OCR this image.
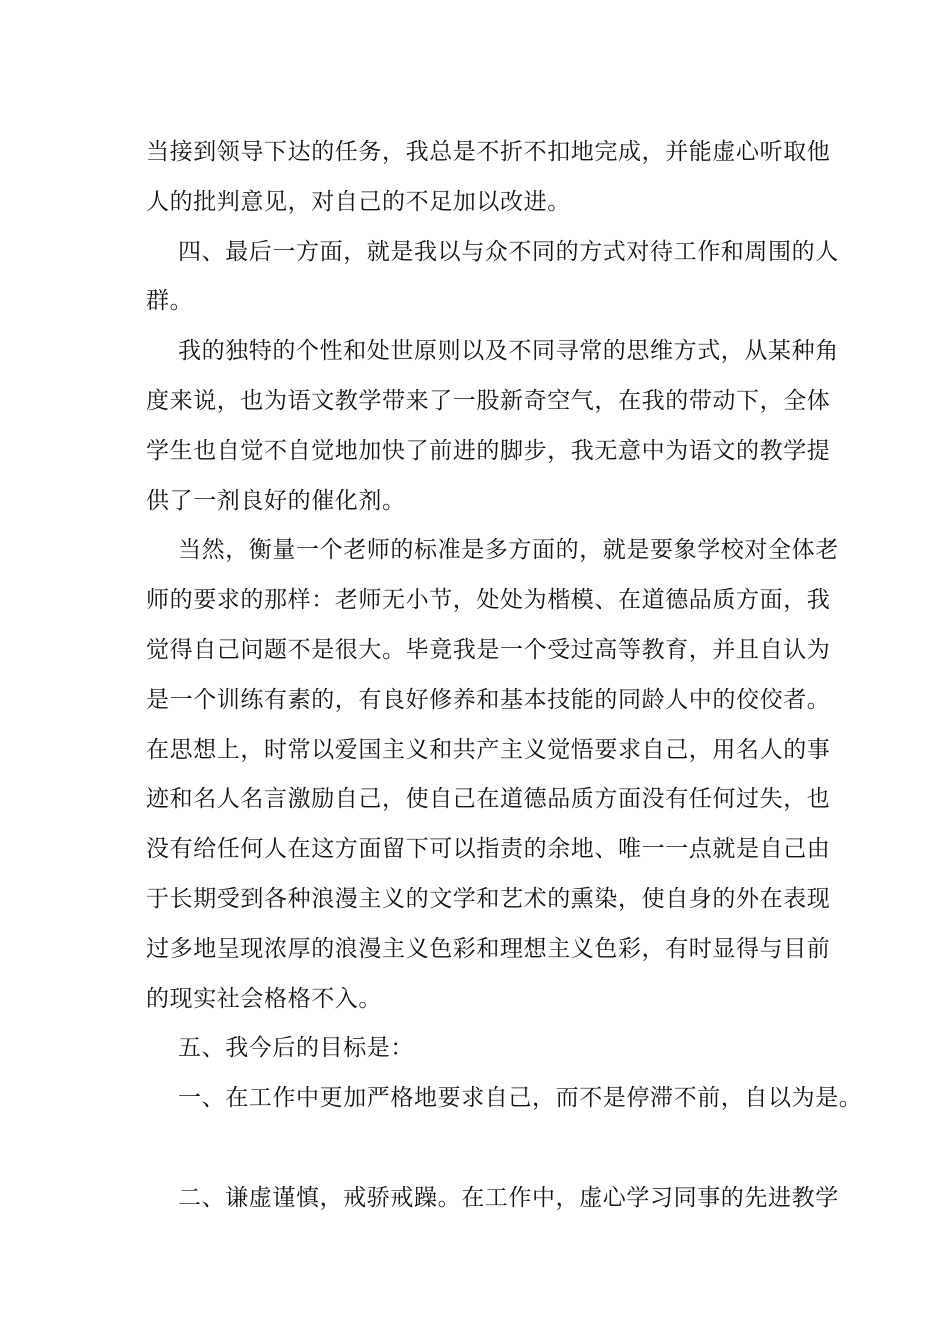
当接到领导下达的任务，我总是不折不扣地完成，并能虚心听取他
人的批判意见，对自己的不足加以改进。
四、最后一方面，就是我以与众不同的方式对待工作和周围的人
群。
我的独特的个性和处世原则以及不同寻常的思维方式，从某种角
度来说，也为语文教学带来了一股新奇空气，在我的带动下，全体
学生也自觉不自觉地加快了前进的脚步，我无意中为语文的教学提
供了一剂良好的催化剂。
当然，衡量一个老师的标准是多方面的，就是要象学校对全体老
师的要求的那样：老师无小节，处处为楷模、在道德品质方面，我
觉得自己问题不是很大。毕竟我是一个受过高等教育，并且自认为
是一个训练有素的，有良好修养和基本技能的同龄人中的佼佼者。
在思想上，时常以爱国主义和共产主义觉悟要求自己，用名人的事
迹和名人名言激励自己，使自己在道德品质方面没有任何过失，也
没有给任何人在这方面留下可以指责的余地、唯一一点就是自己由
于长期受到各种浪漫主义的文学和艺术的熏染，使自身的外在表现
过多地呈现浓厚的浪漫主义色彩和理想主义色彩，有时显得与目前
的现实社会格格不入。
五、我今后的目标是：
一、在工作中更加严格地要求自己，而不是停滞不前，自以为是。
二、谦虚谨慎，戒骄戒躁。在工作中，虚心学习同事的先进教学
